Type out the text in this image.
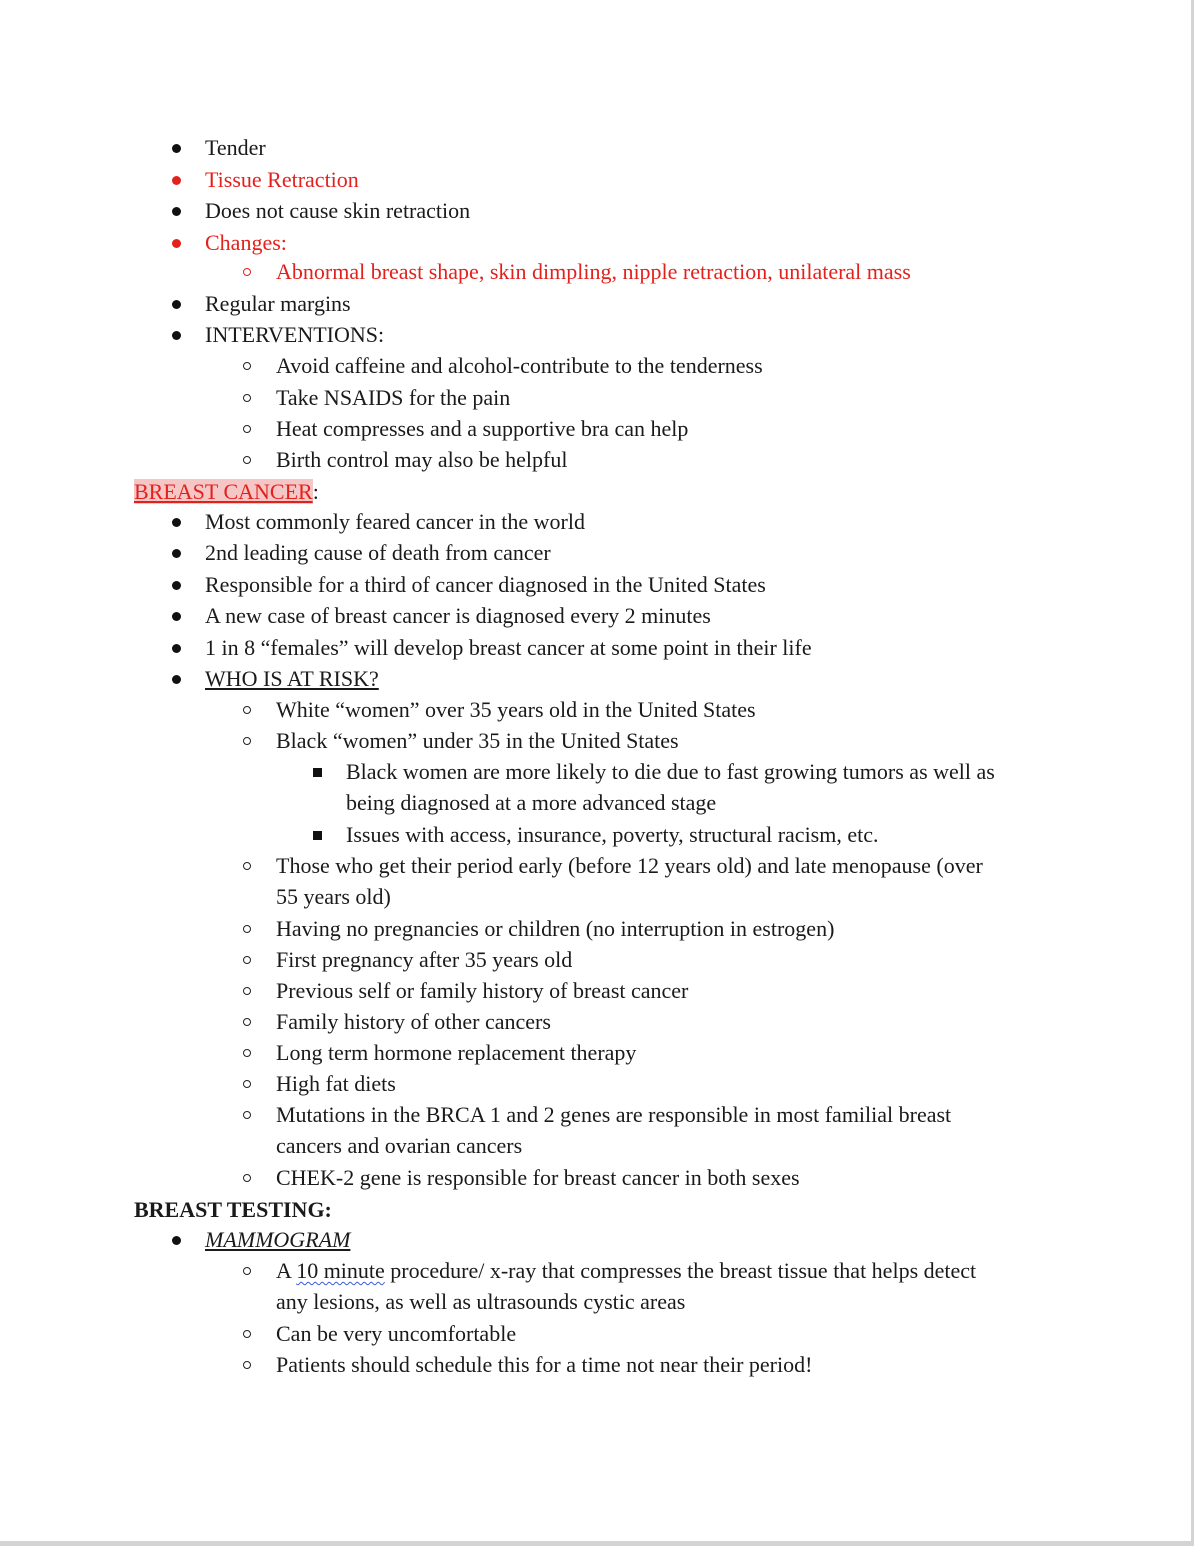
Tender
Tissue Retraction
Does not cause skin retraction
Changes:
Abnormal breast shape, skin dimpling, nipple retraction, unilateral mass
Regular margins
INTERVENTIONS:
Avoid caffeine and alcohol-contribute to the tenderness
Take NSAIDS for the pain
Heat compresses and a supportive bra can help
Birth control may also be helpful
BREAST CANCER:
Most commonly feared cancer in the world
2nd leading cause of death from cancer
Responsible for a third of cancer diagnosed in the United States
A new case of breast cancer is diagnosed every 2 minutes
1 in 8 “females” will develop breast cancer at some point in their life
WHO IS AT RISK?
White “women” over 35 years old in the United States
Black “women” under 35 in the United States
Black women are more likely to die due to fast growing tumors as well as
being diagnosed at a more advanced stage
Issues with access, insurance, poverty, structural racism, etc.
Those who get their period early (before 12 years old) and late menopause (over
55 years old)
Having no pregnancies or children (no interruption in estrogen)
First pregnancy after 35 years old
Previous self or family history of breast cancer
Family history of other cancers
Long term hormone replacement therapy
High fat diets
Mutations in the BRCA 1 and 2 genes are responsible in most familial breast
cancers and ovarian cancers
CHEK-2 gene is responsible for breast cancer in both sexes
BREAST TESTING:
MAMMOGRAM
A 10 minute procedure/ x-ray that compresses the breast tissue that helps detect
any lesions, as well as ultrasounds cystic areas
Can be very uncomfortable
Patients should schedule this for a time not near their period!
